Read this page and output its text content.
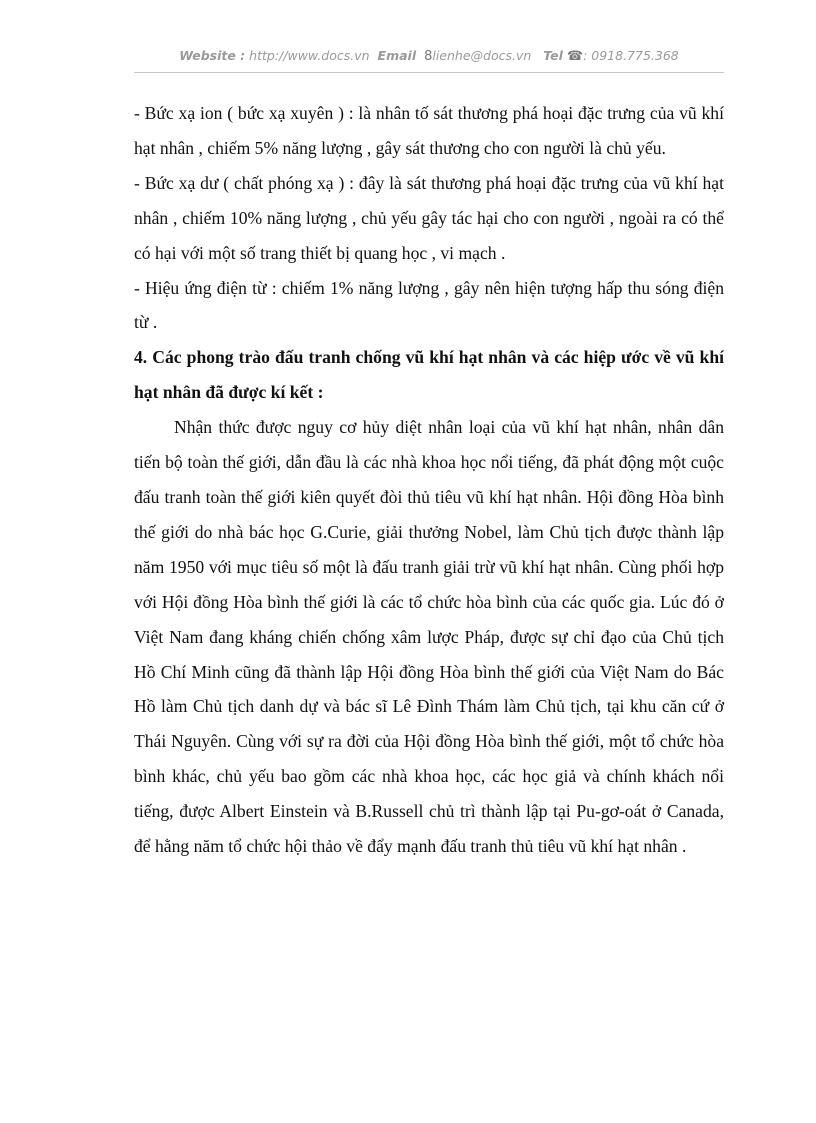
Website : http://www.docs.vn Email 8lienhe@docs.vn Tel ☎: 0918.775.368

- Bức xạ ion ( bức xạ xuyên ) : là nhân tố sát thương phá hoại đặc trưng của vũ khí hạt nhân , chiếm 5% năng lượng , gây sát thương cho con người là chủ yếu.

- Bức xạ dư ( chất phóng xạ ) : đây là sát thương phá hoại đặc trưng của vũ khí hạt nhân , chiếm 10% năng lượng , chủ yếu gây tác hại cho con người , ngoài ra có thể có hại với một số trang thiết bị quang học , vi mạch .

- Hiệu ứng điện từ : chiếm 1% năng lượng , gây nên hiện tượng hấp thu sóng điện từ .

4. Các phong trào đấu tranh chống vũ khí hạt nhân và các hiệp ước về vũ khí hạt nhân đã được kí kết :

Nhận thức được nguy cơ hủy diệt nhân loại của vũ khí hạt nhân, nhân dân tiến bộ toàn thế giới, dẫn đầu là các nhà khoa học nổi tiếng, đã phát động một cuộc đấu tranh toàn thế giới kiên quyết đòi thủ tiêu vũ khí hạt nhân. Hội đồng Hòa bình thế giới do nhà bác học G.Curie, giải thưởng Nobel, làm Chủ tịch được thành lập năm 1950 với mục tiêu số một là đấu tranh giải trừ vũ khí hạt nhân. Cùng phối hợp với Hội đồng Hòa bình thế giới là các tổ chức hòa bình của các quốc gia. Lúc đó ở Việt Nam đang kháng chiến chống xâm lược Pháp, được sự chỉ đạo của Chủ tịch Hồ Chí Minh cũng đã thành lập Hội đồng Hòa bình thế giới của Việt Nam do Bác Hồ làm Chủ tịch danh dự và bác sĩ Lê Đình Thám làm Chủ tịch, tại khu căn cứ ở Thái Nguyên. Cùng với sự ra đời của Hội đồng Hòa bình thế giới, một tổ chức hòa bình khác, chủ yếu bao gồm các nhà khoa học, các học giả và chính khách nổi tiếng, được Albert Einstein và B.Russell chủ trì thành lập tại Pu-gơ-oát ở Canada, để hằng năm tổ chức hội thảo về đẩy mạnh đấu tranh thủ tiêu vũ khí hạt nhân .
